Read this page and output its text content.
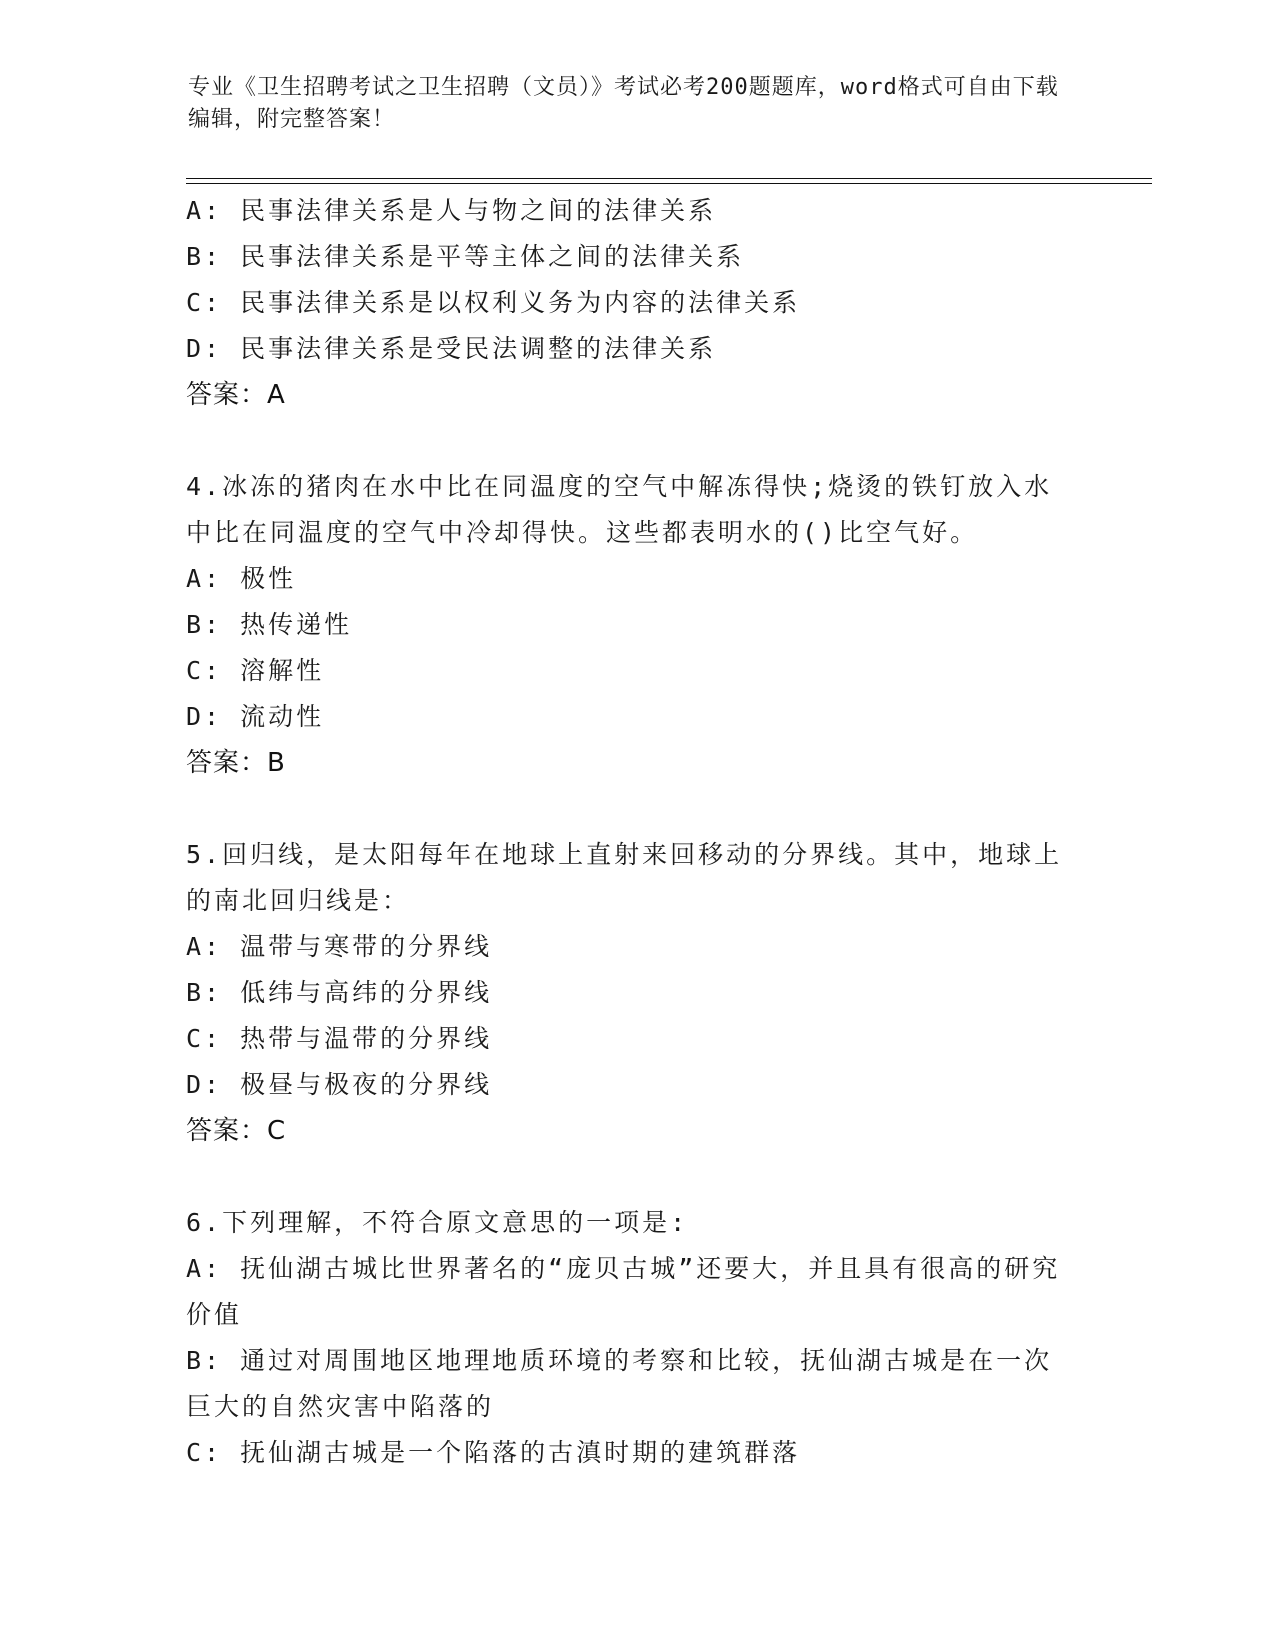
专业《卫生招聘考试之卫生招聘（文员）》考试必考200题题库，word格式可自由下载编辑，附完整答案！

A: 民事法律关系是人与物之间的法律关系

B: 民事法律关系是平等主体之间的法律关系

C: 民事法律关系是以权利义务为内容的法律关系

D: 民事法律关系是受民法调整的法律关系

答案：A

4.冰冻的猪肉在水中比在同温度的空气中解冻得快;烧烫的铁钉放入水中比在同温度的空气中冷却得快。这些都表明水的()比空气好。

A: 极性

B: 热传递性

C: 溶解性

D: 流动性

答案：B

5.回归线，是太阳每年在地球上直射来回移动的分界线。其中，地球上的南北回归线是：

A: 温带与寒带的分界线

B: 低纬与高纬的分界线

C: 热带与温带的分界线

D: 极昼与极夜的分界线

答案：C

6.下列理解，不符合原文意思的一项是:

A: 抚仙湖古城比世界著名的“庞贝古城”还要大，并且具有很高的研究价值

B: 通过对周围地区地理地质环境的考察和比较，抚仙湖古城是在一次巨大的自然灾害中陷落的

C: 抚仙湖古城是一个陷落的古滇时期的建筑群落
